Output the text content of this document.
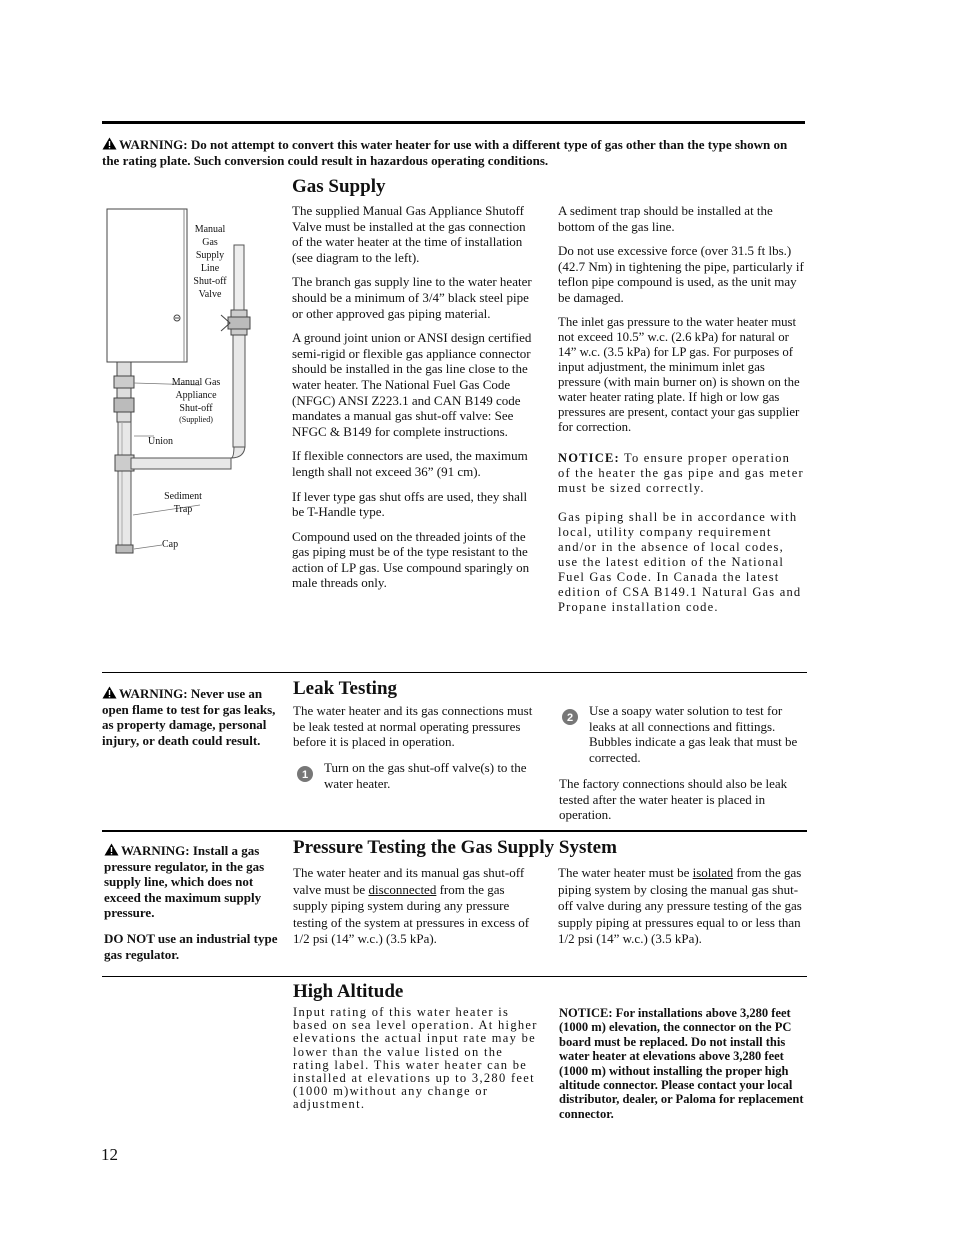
WARNING: Do not attempt to convert this water heater for use with a different type of gas other than the type shown on the rating plate. Such conversion could result in hazardous operating conditions.
Manual
Gas
Supply
Line
Shut-off
Valve
Manual Gas
Appliance
Shut-off
(Supplied)
Union
Sediment
Trap
Cap
Gas Supply

The supplied Manual Gas Appliance Shutoff Valve must be installed at the gas connection of the water heater at the time of installation (see diagram to the left).

The branch gas supply line to the water heater should be a minimum of 3/4” black steel pipe or other approved gas piping material.

A ground joint union or ANSI design certified semi-rigid or flexible gas appliance connector should be installed in the gas line close to the water heater. The National Fuel Gas Code (NFGC) ANSI Z223.1 and CAN B149 code mandates a manual gas shut-off valve: See NFGC & B149 for complete instructions.

If flexible connectors are used, the maximum length shall not exceed 36” (91 cm).

If lever type gas shut offs are used, they shall be T-Handle type.

Compound used on the threaded joints of the gas piping must be of the type resistant to the action of LP gas. Use compound sparingly on male threads only.

A sediment trap should be installed at the bottom of the gas line.

Do not use excessive force (over 31.5 ft lbs.) (42.7 Nm) in tightening the pipe, particularly if teflon pipe compound is used, as the unit may be damaged.

The inlet gas pressure to the water heater must not exceed 10.5” w.c. (2.6 kPa) for natural or 14” w.c. (3.5 kPa) for LP gas. For purposes of input adjustment, the minimum inlet gas pressure (with main burner on) is shown on the water heater rating plate. If high or low gas pressures are present, contact your gas supplier for correction.

NOTICE: To ensure proper operation of the heater the gas pipe and gas meter must be sized correctly.

Gas piping shall be in accordance with local, utility company requirement and/or in the absence of local codes, use the latest edition of the National Fuel Gas Code. In Canada the latest edition of CSA B149.1 Natural Gas and Propane installation code.

WARNING: Never use an open flame to test for gas leaks, as property damage, personal injury, or death could result.
Leak Testing
The water heater and its gas connections must be leak tested at normal operating pressures before it is placed in operation.
1 Turn on the gas shut-off valve(s) to the water heater.
2 Use a soapy water solution to test for leaks at all connections and fittings. Bubbles indicate a gas leak that must be corrected.
The factory connections should also be leak tested after the water heater is placed in operation.
WARNING: Install a gas pressure regulator, in the gas supply line, which does not exceed the maximum supply pressure.
DO NOT use an industrial type gas regulator.
Pressure Testing the Gas Supply System
The water heater and its manual gas shut-off valve must be disconnected from the gas supply piping system during any pressure testing of the system at pressures in excess of 1/2 psi (14” w.c.) (3.5 kPa).
The water heater must be isolated from the gas piping system by closing the manual gas shut-off valve during any pressure testing of the gas supply piping at pressures equal to or less than 1/2 psi (14” w.c.) (3.5 kPa).
High Altitude
Input rating of this water heater is based on sea level operation. At higher elevations the actual input rate may be lower than the value listed on the rating label. This water heater can be installed at elevations up to 3,280 feet (1000 m)without any change or adjustment.
NOTICE: For installations above 3,280 feet (1000 m) elevation, the connector on the PC board must be replaced. Do not install this water heater at elevations above 3,280 feet (1000 m) without installing the proper high altitude connector. Please contact your local distributor, dealer, or Paloma for replacement connector.
12
